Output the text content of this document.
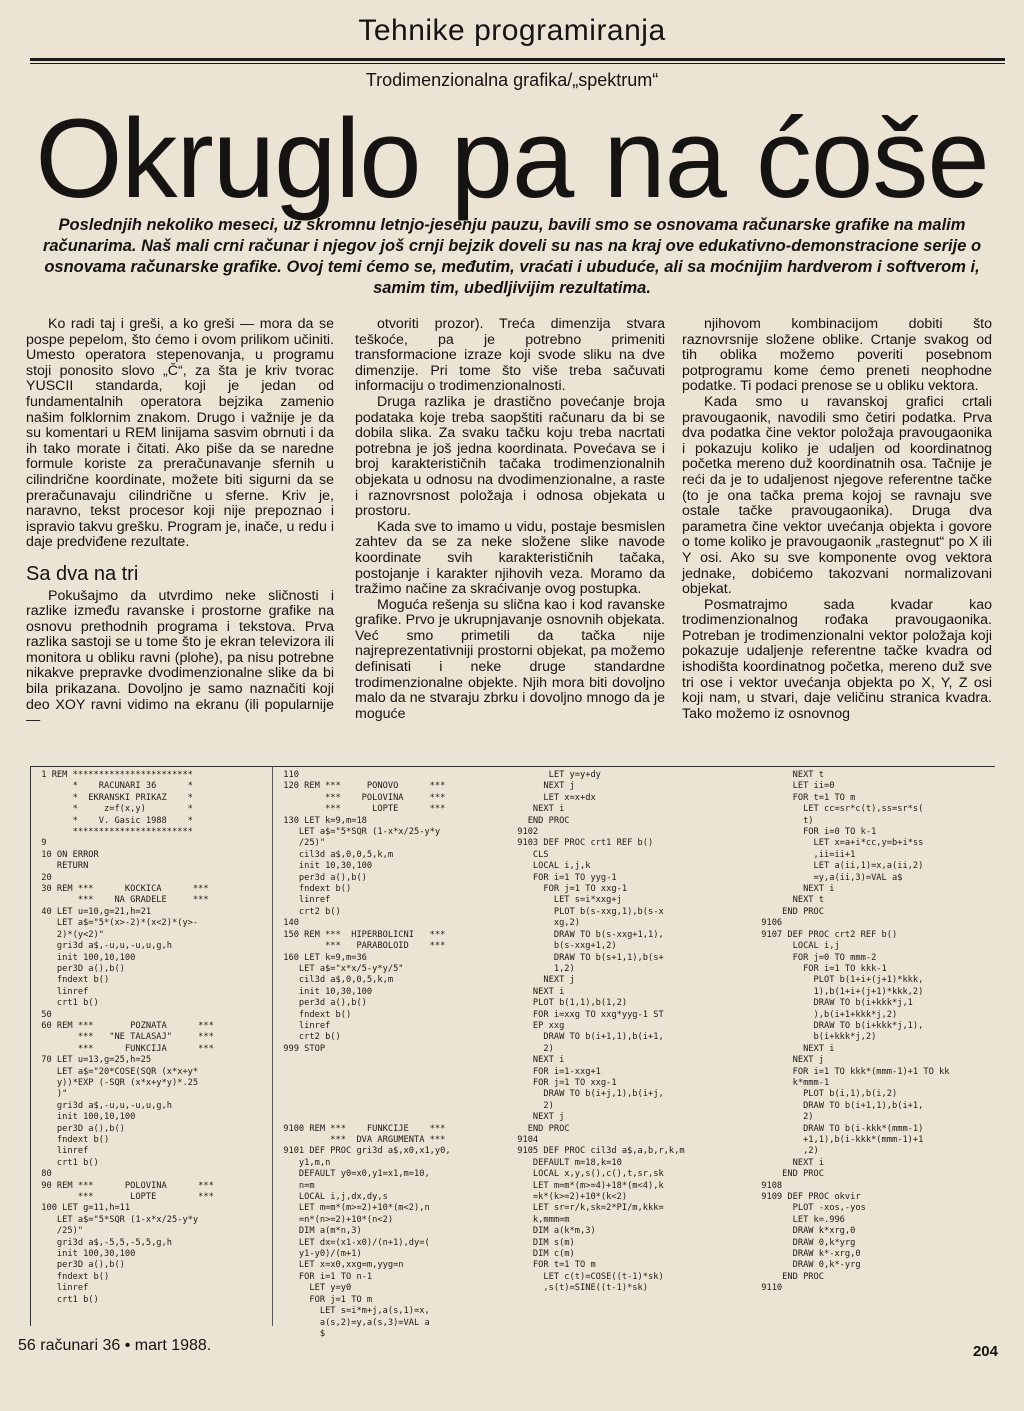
Tehnike programiranja
Trodimenzionalna grafika/„spektrum“
Okruglo pa na ćoše
Poslednjih nekoliko meseci, uz skromnu letnjo-jesenju pauzu, bavili smo se osnovama računarske grafike na malim računarima. Naš mali crni računar i njegov još crnji bejzik doveli su nas na kraj ove edukativno-demonstracione serije o osnovama računarske grafike. Ovoj temi ćemo se, međutim, vraćati i ubuduće, ali sa moćnijim hardverom i softverom i, samim tim, ubedljivijim rezultatima.

Ko radi taj i greši, a ko greši — mora da se pospe pepelom, što ćemo i ovom prilikom učiniti. Umesto operatora stepenovanja, u programu stoji ponosito slovo „Č“, za šta je kriv tvorac YUSCII standarda, koji je jedan od fundamentalnih operatora bejzika zamenio našim folklornim znakom. Drugo i važnije je da su komentari u REM linijama sasvim obrnuti i da ih tako morate i čitati. Ako piše da se naredne formule koriste za preračunavanje sfernih u cilindrične koordinate, možete biti sigurni da se preračunavaju cilindrične u sferne. Kriv je, naravno, tekst procesor koji nije prepoznao i ispravio takvu grešku. Program je, inače, u redu i daje predviđene rezultate.

Sa dva na tri

Pokušajmo da utvrdimo neke sličnosti i razlike između ravanske i prostorne grafike na osnovu prethodnih programa i tekstova. Prva razlika sastoji se u tome što je ekran televizora ili monitora u obliku ravni (plohe), pa nisu potrebne nikakve prepravke dvodimenzionalne slike da bi bila prikazana. Dovoljno je samo naznačiti koji deo XOY ravni vidimo na ekranu (ili popularnije —

otvoriti prozor). Treća dimenzija stvara teškoće, pa je potrebno primeniti transformacione izraze koji svode sliku na dve dimenzije. Pri tome što više treba sačuvati informaciju o trodimenzionalnosti.

Druga razlika je drastično povećanje broja podataka koje treba saopštiti računaru da bi se dobila slika. Za svaku tačku koju treba nacrtati potrebna je još jedna koordinata. Povećava se i broj karakterističnih tačaka trodimenzionalnih objekata u odnosu na dvodimenzionalne, a raste i raznovrsnost položaja i odnosa objekata u prostoru.

Kada sve to imamo u vidu, postaje besmislen zahtev da se za neke složene slike navode koordinate svih karakterističnih tačaka, postojanje i karakter njihovih veza. Moramo da tražimo načine za skraćivanje ovog postupka.

Moguća rešenja su slična kao i kod ravanske grafike. Prvo je ukrupnjavanje osnovnih objekata. Već smo primetili da tačka nije najreprezentativniji prostorni objekat, pa možemo definisati i neke druge standardne trodimenzionalne objekte. Njih mora biti dovoljno malo da ne stvaraju zbrku i dovoljno mnogo da je moguće

njihovom kombinacijom dobiti što raznovrsnije složene oblike. Crtanje svakog od tih oblika možemo poveriti posebnom potprogramu kome ćemo preneti neophodne podatke. Ti podaci prenose se u obliku vektora.

Kada smo u ravanskoj grafici crtali pravougaonik, navodili smo četiri podatka. Prva dva podatka čine vektor položaja pravougaonika i pokazuju koliko je udaljen od koordinatnog početka mereno duž koordinatnih osa. Tačnije je reći da je to udaljenost njegove referentne tačke (to je ona tačka prema kojoj se ravnaju sve ostale tačke pravougaonika). Druga dva parametra čine vektor uvećanja objekta i govore o tome koliko je pravougaonik „rastegnut“ po X ili Y osi. Ako su sve komponente ovog vektora jednake, dobićemo takozvani normalizovani objekat.

Posmatrajmo sada kvadar kao trodimenzionalnog rođaka pravougaonika. Potreban je trodimenzionalni vektor položaja koji pokazuje udaljenje referentne tačke kvadra od ishodišta koordinatnog početka, mereno duž sve tri ose i vektor uvećanja objekta po X, Y, Z osi koji nam, u stvari, daje veličinu stranica kvadra. Tako možemo iz osnovnog

1 REM ***********************
*    RACUNARI 36      *
*  EKRANSKI PRIKAZ    *
*     z=f(x,y)        *
*    V. Gasic 1988    *
***********************
9
10 ON ERROR
RETURN
20
30 REM ***      KOCKICA      ***
***    NA GRADELE     ***
40 LET u=10,g=21,h=21
LET a$="5*(x>-2)*(x<2)*(y>-
2)*(y<2)"
gri3d a$,-u,u,-u,u,g,h
init 100,10,100
per3D a(),b()
fndext b()
linref
crt1 b()
50
60 REM ***       POZNATA      ***
***   "NE TALASAJ"     ***
***      FUNKCIJA      ***
70 LET u=13,g=25,h=25
LET a$="20*COSE(SQR (x*x+y*
y))*EXP (-SQR (x*x+y*y)*.25
)"
gri3d a$,-u,u,-u,u,g,h
init 100,10,100
per3D a(),b()
fndext b()
linref
crt1 b()
80
90 REM ***      POLOVINA      ***
***       LOPTE        ***
100 LET g=11,h=11
LET a$="5*SQR (1-x*x/25-y*y
/25)"
gri3d a$,-5,5,-5,5,g,h
init 100,30,100
per3D a(),b()
fndext b()
linref
crt1 b()
110
120 REM ***     PONOVO      ***
***    POLOVINA     ***
***      LOPTE      ***
130 LET k=9,m=18
LET a$="5*SQR (1-x*x/25-y*y
/25)"
cil3d a$,0,0,5,k,m
init 10,30,100
per3d a(),b()
fndext b()
linref
crt2 b()
140
150 REM ***  HIPERBOLICNI   ***
***   PARABOLOID    ***
160 LET k=9,m=36
LET a$="x*x/5-y*y/5"
cil3d a$,0,0,5,k,m
init 10,30,100
per3d a(),b()
fndext b()
linref
crt2 b()
999 STOP

9100 REM ***    FUNKCIJE    ***
***  DVA ARGUMENTA ***
9101 DEF PROC gri3d a$,x0,x1,y0,
y1,m,n
DEFAULT y0=x0,y1=x1,m=10,
n=m
LOCAL i,j,dx,dy,s
LET m=m*(m>=2)+10*(m<2),n
=n*(n>=2)+10*(n<2)
DIM a(m*n,3)
LET dx=(x1-x0)/(n+1),dy=(
y1-y0)/(m+1)
LET x=x0,xxg=m,yyg=n
FOR i=1 TO n-1
LET y=y0
FOR j=1 TO m
LET s=i*m+j,a(s,1)=x,
a(s,2)=y,a(s,3)=VAL a
$
LET y=y+dy
NEXT j
LET x=x+dx
NEXT i
END PROC
9102
9103 DEF PROC crt1 REF b()
CLS
LOCAL i,j,k
FOR i=1 TO yyg-1
FOR j=1 TO xxg-1
LET s=i*xxg+j
PLOT b(s-xxg,1),b(s-x
xg,2)
DRAW TO b(s-xxg+1,1),
b(s-xxg+1,2)
DRAW TO b(s+1,1),b(s+
1,2)
NEXT j
NEXT i
PLOT b(1,1),b(1,2)
FOR i=xxg TO xxg*yyg-1 ST
EP xxg
DRAW TO b(i+1,1),b(i+1,
2)
NEXT i
FOR i=1-xxg+1
FOR j=1 TO xxg-1
DRAW TO b(i+j,1),b(i+j,
2)
NEXT j
END PROC
9104
9105 DEF PROC cil3d a$,a,b,r,k,m
DEFAULT m=18,k=10
LOCAL x,y,s(),c(),t,sr,sk
LET m=m*(m>=4)+18*(m<4),k
=k*(k>=2)+10*(k<2)
LET sr=r/k,sk=2*PI/m,kkk=
k,mmm=m
DIM a(k*m,3)
DIM s(m)
DIM c(m)
FOR t=1 TO m
LET c(t)=COSE((t-1)*sk)
,s(t)=SINE((t-1)*sk)
NEXT t
LET ii=0
FOR t=1 TO m
LET cc=sr*c(t),ss=sr*s(
t)
FOR i=0 TO k-1
LET x=a+i*cc,y=b+i*ss
,ii=ii+1
LET a(ii,1)=x,a(ii,2)
=y,a(ii,3)=VAL a$
NEXT i
NEXT t
END PROC
9106
9107 DEF PROC crt2 REF b()
LOCAL i,j
FOR j=0 TO mmm-2
FOR i=1 TO kkk-1
PLOT b(1+i+(j+1)*kkk,
1),b(1+i+(j+1)*kkk,2)
DRAW TO b(i+kkk*j,1
),b(i+1+kkk*j,2)
DRAW TO b(i+kkk*j,1),
b(i+kkk*j,2)
NEXT i
NEXT j
FOR i=1 TO kkk*(mmm-1)+1 TO kk
k*mmm-1
PLOT b(i,1),b(i,2)
DRAW TO b(i+1,1),b(i+1,
2)
DRAW TO b(i-kkk*(mmm-1)
+1,1),b(i-kkk*(mmm-1)+1
,2)
NEXT i
END PROC
9108
9109 DEF PROC okvir
PLOT -xos,-yos
LET k=.996
DRAW k*xrg,0
DRAW 0,k*yrg
DRAW k*-xrg,0
DRAW 0,k*-yrg
END PROC
9110
56 računari 36 • mart 1988.	204
